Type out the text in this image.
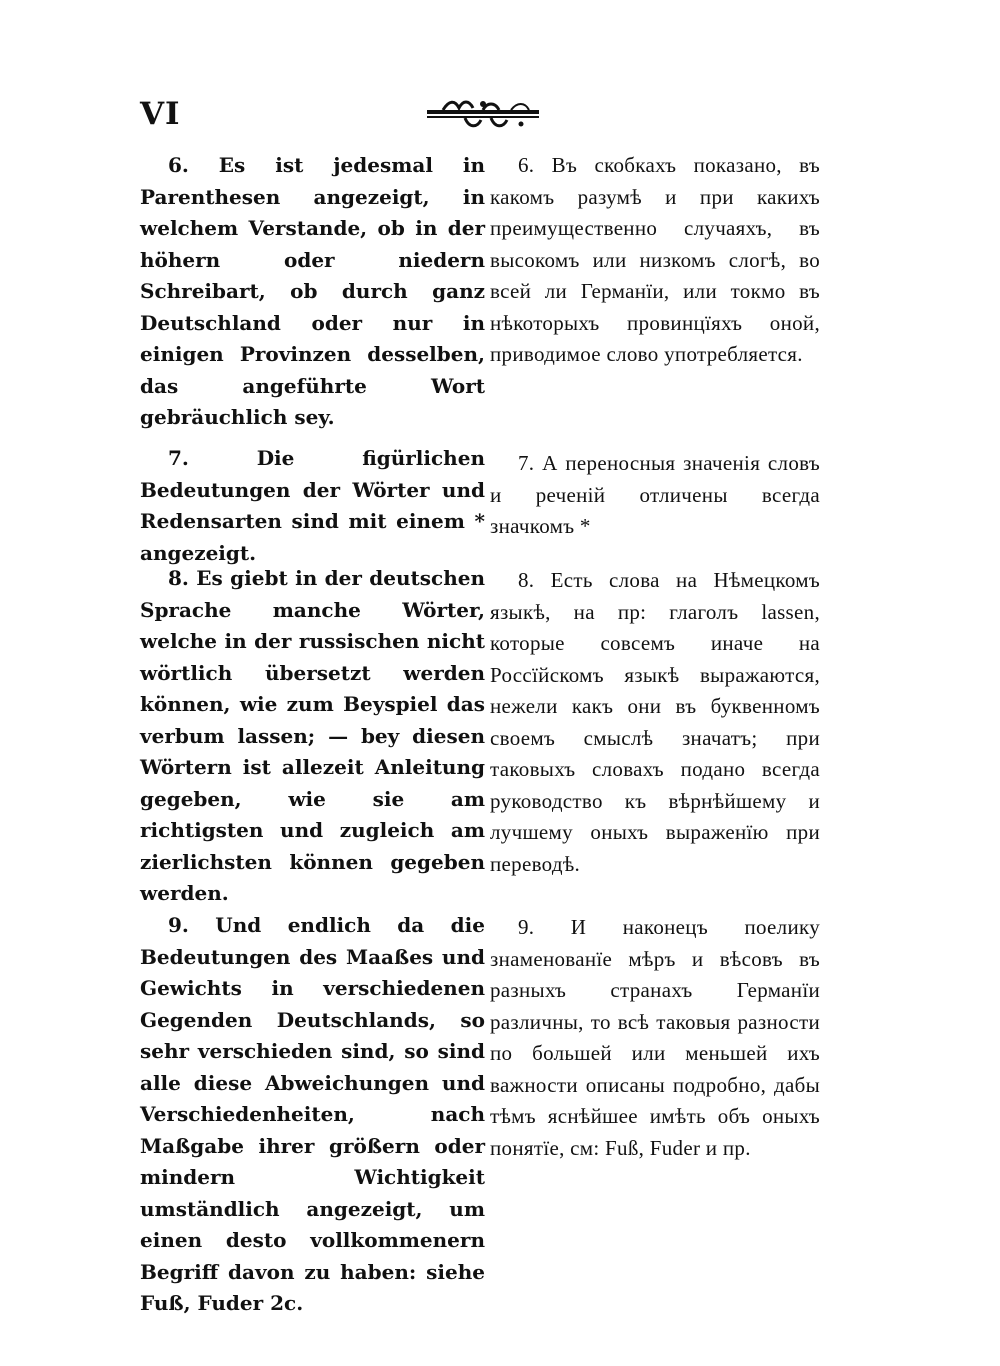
VI

6. Es ist jedesmal in Parenthesen angezeigt, in welchem Verstande, ob in der höhern oder niedern Schreibart, ob durch ganz Deutschland oder nur in einigen Provinzen desselben, das angeführte Wort gebräuchlich sey.

7. Die figürlichen Bedeutungen der Wörter und Redensarten sind mit einem * angezeigt.

8. Es giebt in der deutschen Sprache manche Wörter, welche in der russischen nicht wörtlich übersetzt werden können, wie zum Beyspiel das verbum lassen; — bey diesen Wörtern ist allezeit Anleitung gegeben, wie sie am richtigsten und zugleich am zierlichsten können gegeben werden.

9. Und endlich da die Bedeutungen des Maaßes und Gewichts in verschiedenen Gegenden Deutschlands, so sehr verschieden sind, so sind alle diese Abweichungen und Verschiedenheiten, nach Maßgabe ihrer größern oder mindern Wichtigkeit umständlich angezeigt, um einen desto vollkommenern Begriff davon zu haben: siehe Fuß, Fuder 2c.

6. Въ скобкахъ показано, въ какомъ разумѣ и при какихъ преимущественно случаяхъ, въ высокомъ или низкомъ слогѣ, во всей ли Германїи, или токмо въ нѣкоторыхъ провинцїяхъ оной, приводимое слово употребляется.

7. А переносныя значенiя словъ и реченiй отличены всегда значкомъ *

8. Есть слова на Нѣмецкомъ языкѣ, на пр: глаголъ lassen, которые совсемъ иначе на Россїйскомъ языкѣ выражаются, нежели какъ они въ буквенномъ своемъ смыслѣ значатъ; при таковыхъ словахъ подано всегда руководство къ вѣрнѣйшему и лучшему оныхъ выраженїю при переводѣ.

9. И наконецъ поелику знаменованїе мѣръ и вѣсовъ въ разныхъ странахъ Германїи различны, то всѣ таковыя разности по большей или меньшей ихъ важности описаны подробно, дабы тѣмъ яснѣйшее имѣть объ оныхъ понятїе, см: Fuß, Fuder и пр.
